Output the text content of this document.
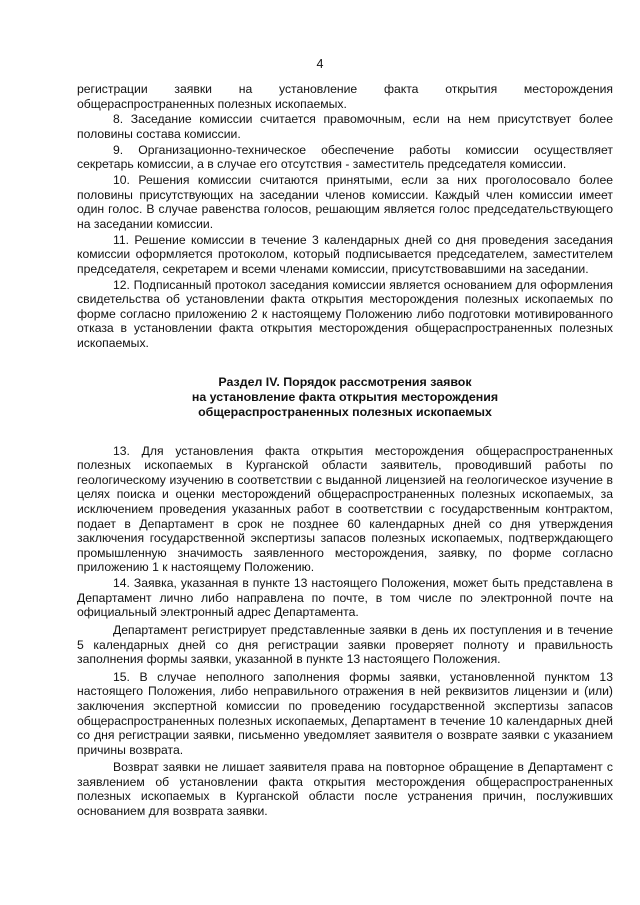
4

регистрации заявки на установление факта открытия месторождения общераспространенных полезных ископаемых.

8. Заседание комиссии считается правомочным, если на нем присутствует более половины состава комиссии.

9. Организационно-техническое обеспечение работы комиссии осуществляет секретарь комиссии, а в случае его отсутствия - заместитель председателя комиссии.

10. Решения комиссии считаются принятыми, если за них проголосовало более половины присутствующих на заседании членов комиссии. Каждый член комиссии имеет один голос. В случае равенства голосов, решающим является голос председательствующего на заседании комиссии.

11. Решение комиссии в течение 3 календарных дней со дня проведения заседания комиссии оформляется протоколом, который подписывается председателем, заместителем председателя, секретарем и всеми членами комиссии, присутствовавшими на заседании.

12. Подписанный протокол заседания комиссии является основанием для оформления свидетельства об установлении факта открытия месторождения полезных ископаемых по форме согласно приложению 2 к настоящему Положению либо подготовки мотивированного отказа в установлении факта открытия месторождения общераспространенных полезных ископаемых.

Раздел IV. Порядок рассмотрения заявок
на установление факта открытия месторождения
общераспространенных полезных ископаемых

13. Для установления факта открытия месторождения общераспространенных полезных ископаемых в Курганской области заявитель, проводивший работы по геологическому изучению в соответствии с выданной лицензией на геологическое изучение в целях поиска и оценки месторождений общераспространенных полезных ископаемых, за исключением проведения указанных работ в соответствии с государственным контрактом, подает в Департамент в срок не позднее 60 календарных дней со дня утверждения заключения государственной экспертизы запасов полезных ископаемых, подтверждающего промышленную значимость заявленного месторождения, заявку, по форме согласно приложению 1 к настоящему Положению.

14. Заявка, указанная в пункте 13 настоящего Положения, может быть представлена в Департамент лично либо направлена по почте, в том числе по электронной почте на официальный электронный адрес Департамента.

Департамент регистрирует представленные заявки в день их поступления и в течение 5 календарных дней со дня регистрации заявки проверяет полноту и правильность заполнения формы заявки, указанной в пункте 13 настоящего Положения.

15. В случае неполного заполнения формы заявки, установленной пунктом 13 настоящего Положения, либо неправильного отражения в ней реквизитов лицензии и (или) заключения экспертной комиссии по проведению государственной экспертизы запасов общераспространенных полезных ископаемых, Департамент в течение 10 календарных дней со дня регистрации заявки, письменно уведомляет заявителя о возврате заявки с указанием причины возврата.

Возврат заявки не лишает заявителя права на повторное обращение в Департамент с заявлением об установлении факта открытия месторождения общераспространенных полезных ископаемых в Курганской области после устранения причин, послуживших основанием для возврата заявки.
